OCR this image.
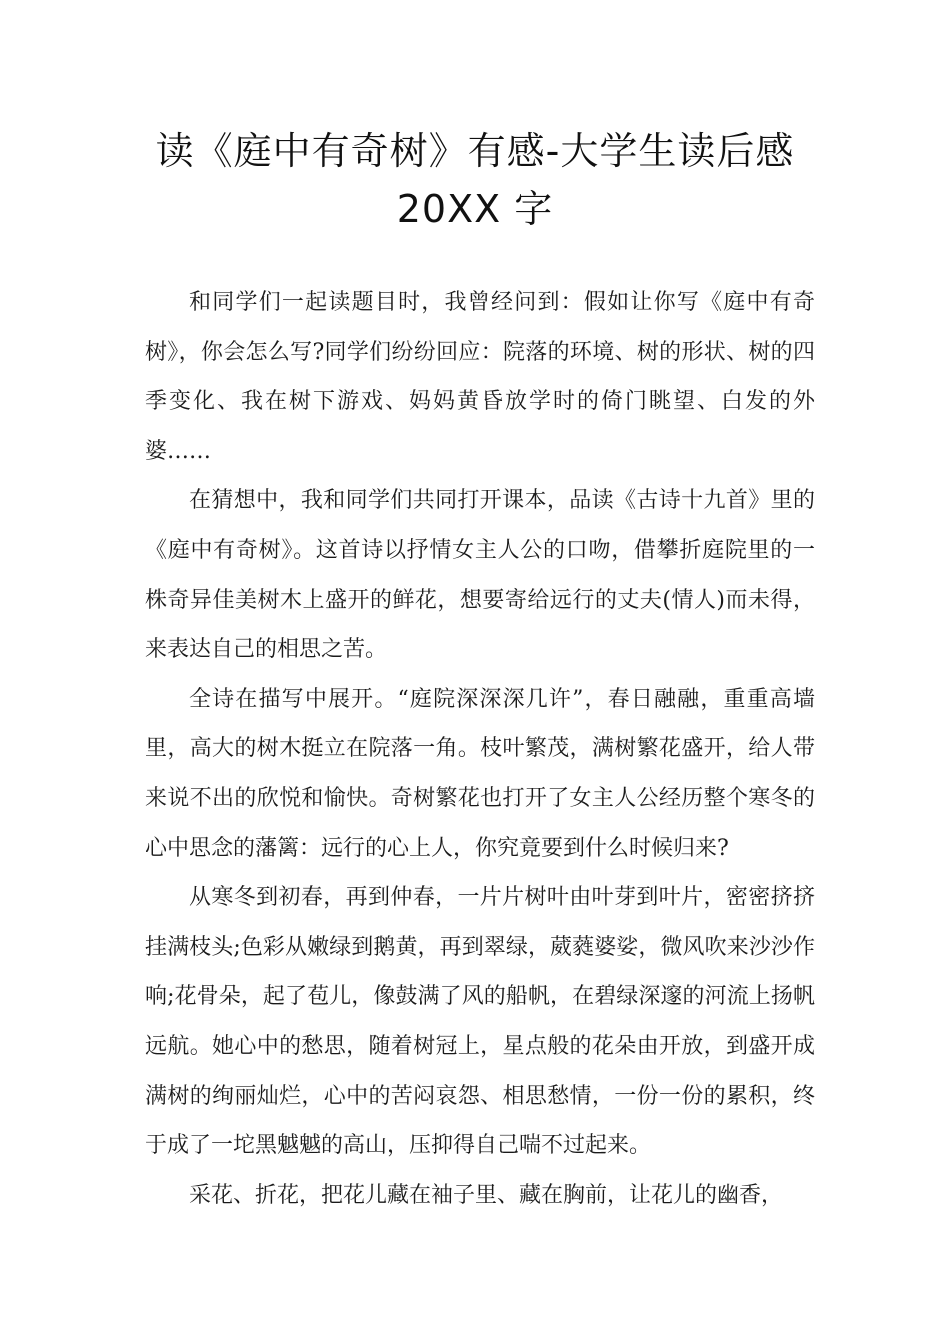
读《庭中有奇树》有感-大学生读后感
20XX 字

和同学们一起读题目时，我曾经问到：假如让你写《庭中有奇树》，你会怎么写?同学们纷纷回应：院落的环境、树的形状、树的四季变化、我在树下游戏、妈妈黄昏放学时的倚门眺望、白发的外婆……

在猜想中，我和同学们共同打开课本，品读《古诗十九首》里的《庭中有奇树》。这首诗以抒情女主人公的口吻，借攀折庭院里的一株奇异佳美树木上盛开的鲜花，想要寄给远行的丈夫(情人)而未得，来表达自己的相思之苦。

全诗在描写中展开。“庭院深深深几许”，春日融融，重重高墙里，高大的树木挺立在院落一角。枝叶繁茂，满树繁花盛开，给人带来说不出的欣悦和愉快。奇树繁花也打开了女主人公经历整个寒冬的心中思念的藩篱：远行的心上人，你究竟要到什么时候归来?

从寒冬到初春，再到仲春，一片片树叶由叶芽到叶片，密密挤挤挂满枝头;色彩从嫩绿到鹅黄，再到翠绿，葳蕤婆娑，微风吹来沙沙作响;花骨朵，起了苞儿，像鼓满了风的船帆，在碧绿深邃的河流上扬帆远航。她心中的愁思，随着树冠上，星点般的花朵由开放，到盛开成满树的绚丽灿烂，心中的苦闷哀怨、相思愁情，一份一份的累积，终于成了一坨黑魆魆的高山，压抑得自己喘不过起来。

采花、折花，把花儿藏在袖子里、藏在胸前，让花儿的幽香，
